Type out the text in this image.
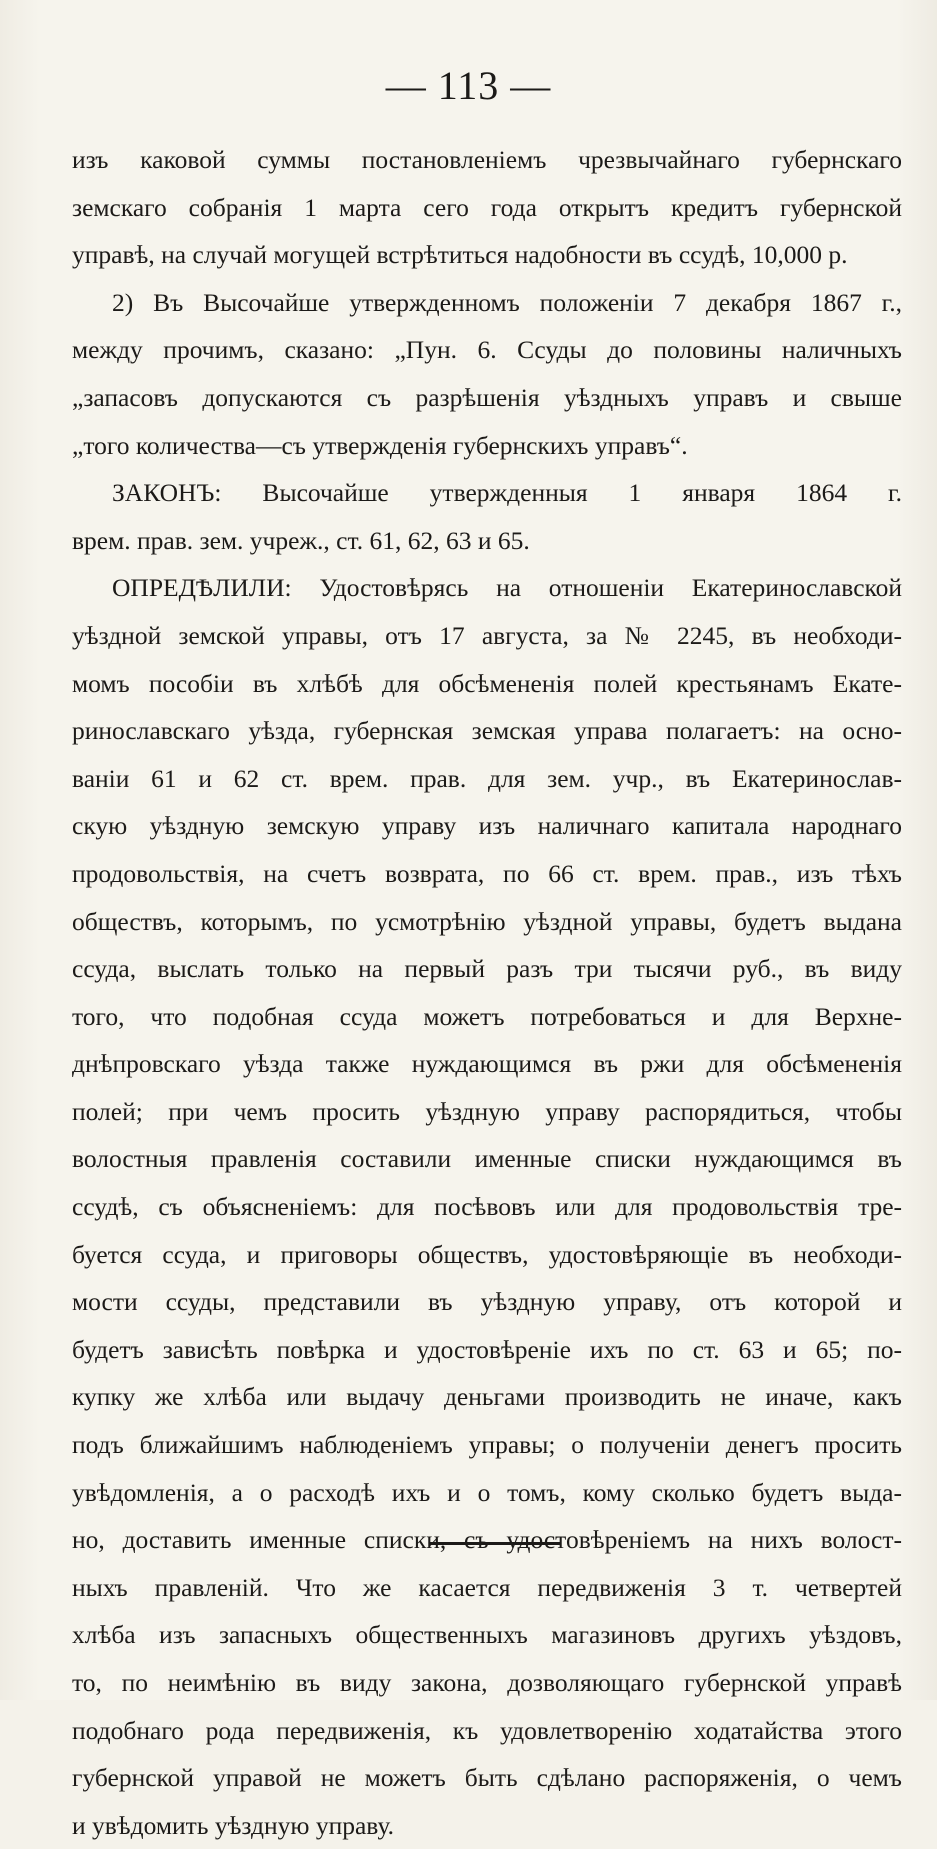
— 113 —
изъ каковой суммы постановленіемъ чрезвычайнаго губернскаго
земскаго собранія 1 марта сего года открытъ кредитъ губернской
управѣ, на случай могущей встрѣтиться надобности въ ссудѣ, 10,000 р.
2) Въ Высочайше утвержденномъ положеніи 7 декабря 1867 г.,
между прочимъ, сказано: „Пун. 6. Ссуды до половины наличныхъ
„запасовъ допускаются съ разрѣшенія уѣздныхъ управъ и свыше
„того количества—съ утвержденія губернскихъ управъ“.
ЗАКОНЪ: Высочайше утвержденныя 1 января 1864 г.
врем. прав. зем. учреж., ст. 61, 62, 63 и 65.
ОПРЕДѢЛИЛИ: Удостовѣрясь на отношеніи Екатеринославской
уѣздной земской управы, отъ 17 августа, за № 2245, въ необходи-
момъ пособіи въ хлѣбѣ для обсѣмененія полей крестьянамъ Екате-
ринославскаго уѣзда, губернская земская управа полагаетъ: на осно-
ваніи 61 и 62 ст. врем. прав. для зем. учр., въ Екатеринослав-
скую уѣздную земскую управу изъ наличнаго капитала народнаго
продовольствія, на счетъ возврата, по 66 ст. врем. прав., изъ тѣхъ
обществъ, которымъ, по усмотрѣнію уѣздной управы, будетъ выдана
ссуда, выслать только на первый разъ три тысячи руб., въ виду
того, что подобная ссуда можетъ потребоваться и для Верхне-
днѣпровскаго уѣзда также нуждающимся въ ржи для обсѣмененія
полей; при чемъ просить уѣздную управу распорядиться, чтобы
волостныя правленія составили именные списки нуждающимся въ
ссудѣ, съ объясненіемъ: для посѣвовъ или для продовольствія тре-
буется ссуда, и приговоры обществъ, удостовѣряющіе въ необходи-
мости ссуды, представили въ уѣздную управу, отъ которой и
будетъ зависѣть повѣрка и удостовѣреніе ихъ по ст. 63 и 65; по-
купку же хлѣба или выдачу деньгами производить не иначе, какъ
подъ ближайшимъ наблюденіемъ управы; о полученіи денегъ просить
увѣдомленія, а о расходѣ ихъ и о томъ, кому сколько будетъ выда-
но, доставить именные списки, съ удостовѣреніемъ на нихъ волост-
ныхъ правленій. Что же касается передвиженія 3 т. четвертей
хлѣба изъ запасныхъ общественныхъ магазиновъ другихъ уѣздовъ,
то, по неимѣнію въ виду закона, дозволяющаго губернской управѣ
подобнаго рода передвиженія, къ удовлетворенію ходатайства этого
губернской управой не можетъ быть сдѣлано распоряженія, о чемъ
и увѣдомить уѣздную управу.
